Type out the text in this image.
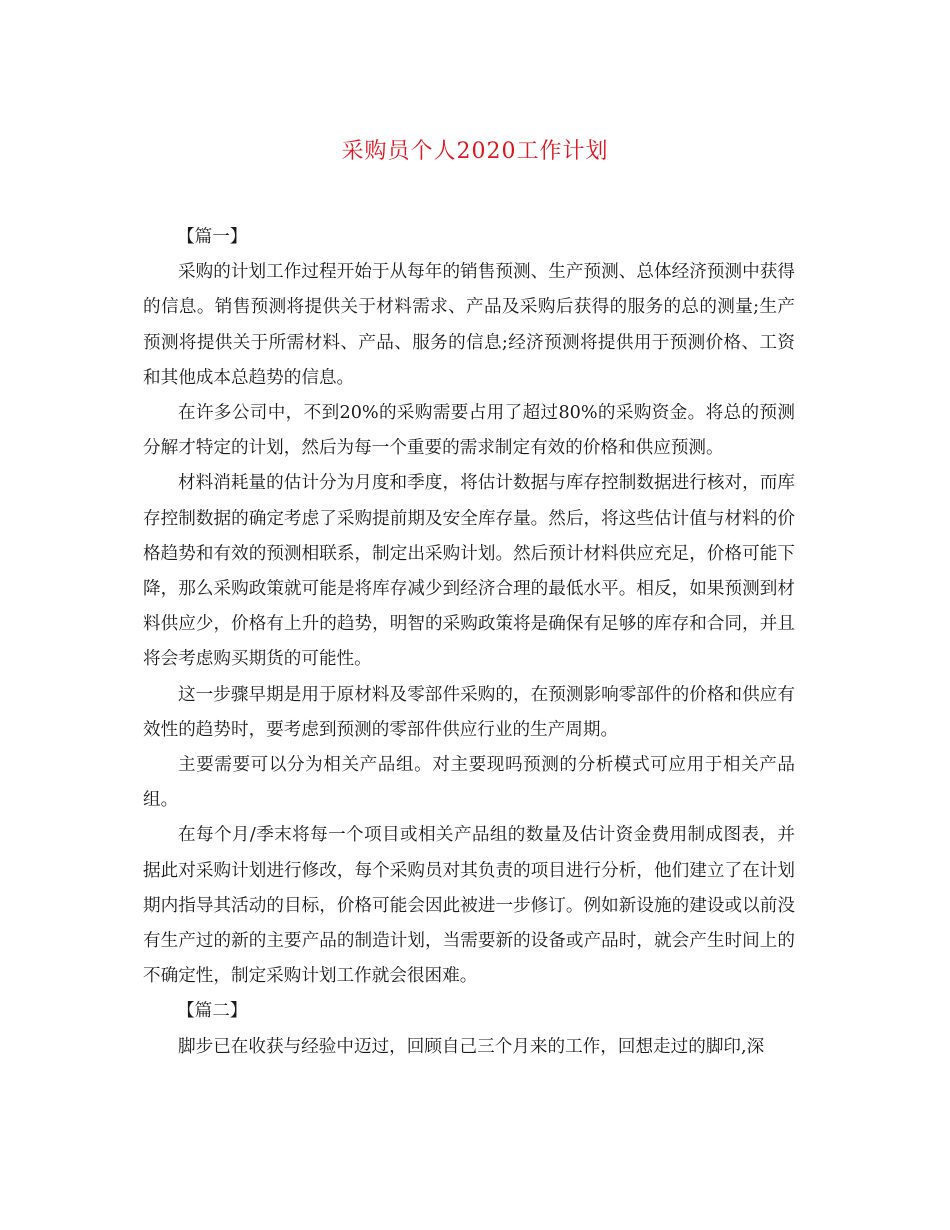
采购员个人2020工作计划

【篇一】

采购的计划工作过程开始于从每年的销售预测、生产预测、总体经济预测中获得的信息。销售预测将提供关于材料需求、产品及采购后获得的服务的总的测量;生产预测将提供关于所需材料、产品、服务的信息;经济预测将提供用于预测价格、工资和其他成本总趋势的信息。

在许多公司中，不到20%的采购需要占用了超过80%的采购资金。将总的预测分解才特定的计划，然后为每一个重要的需求制定有效的价格和供应预测。

材料消耗量的估计分为月度和季度，将估计数据与库存控制数据进行核对，而库存控制数据的确定考虑了采购提前期及安全库存量。然后，将这些估计值与材料的价格趋势和有效的预测相联系，制定出采购计划。然后预计材料供应充足，价格可能下降，那么采购政策就可能是将库存减少到经济合理的最低水平。相反，如果预测到材料供应少，价格有上升的趋势，明智的采购政策将是确保有足够的库存和合同，并且将会考虑购买期货的可能性。

这一步骤早期是用于原材料及零部件采购的，在预测影响零部件的价格和供应有效性的趋势时，要考虑到预测的零部件供应行业的生产周期。

主要需要可以分为相关产品组。对主要现吗预测的分析模式可应用于相关产品组。

在每个月/季末将每一个项目或相关产品组的数量及估计资金费用制成图表，并据此对采购计划进行修改，每个采购员对其负责的项目进行分析，他们建立了在计划期内指导其活动的目标，价格可能会因此被进一步修订。例如新设施的建设或以前没有生产过的新的主要产品的制造计划，当需要新的设备或产品时，就会产生时间上的不确定性，制定采购计划工作就会很困难。

【篇二】

脚步已在收获与经验中迈过，回顾自己三个月来的工作，回想走过的脚印,深
